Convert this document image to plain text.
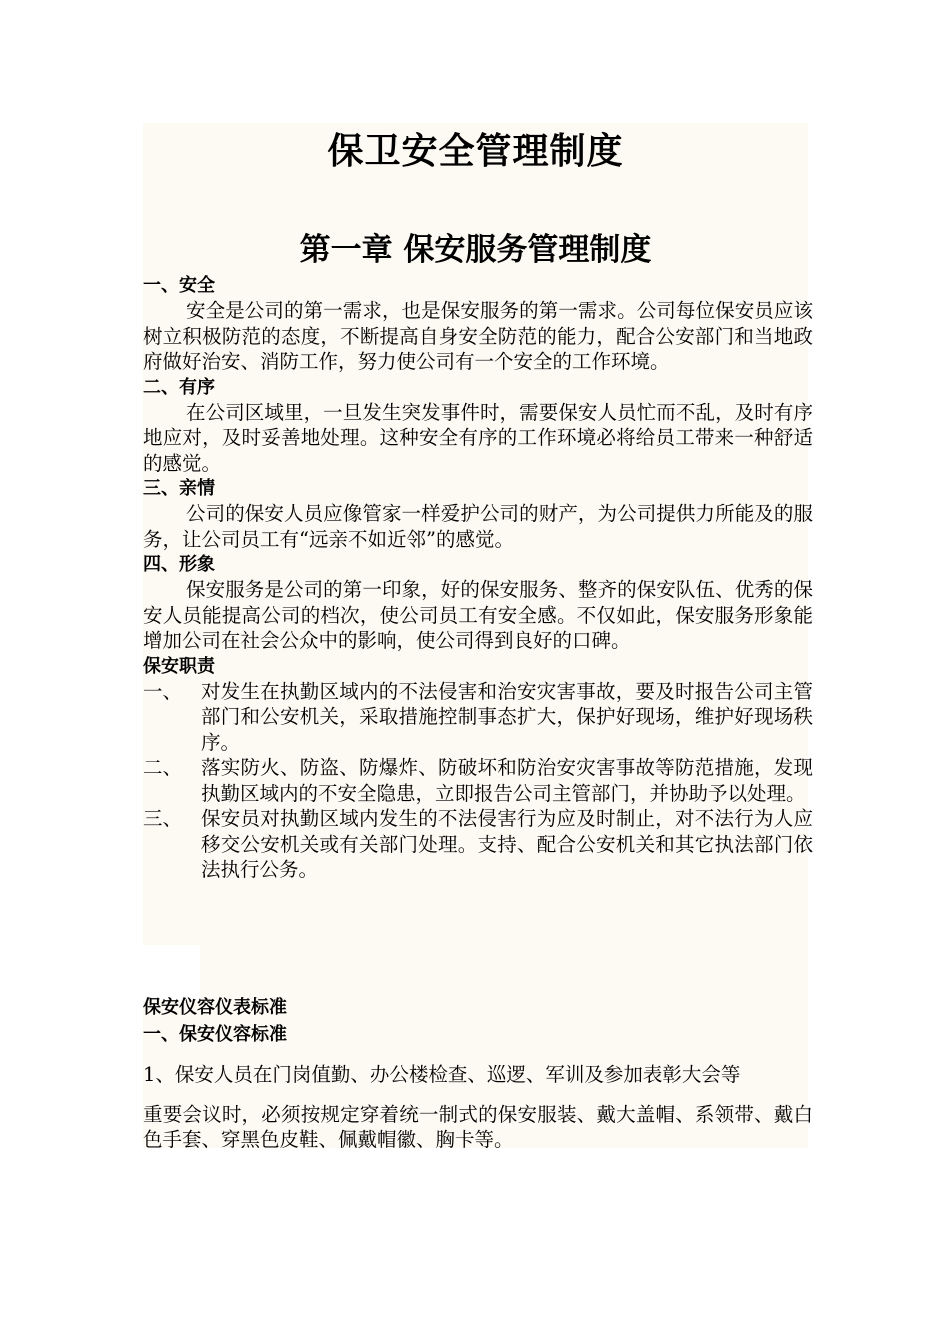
保卫安全管理制度
第一章 保安服务管理制度
一、安全

安全是公司的第一需求，也是保安服务的第一需求。公司每位保安员应该树立积极防范的态度，不断提高自身安全防范的能力，配合公安部门和当地政府做好治安、消防工作，努力使公司有一个安全的工作环境。

二、有序

在公司区域里，一旦发生突发事件时，需要保安人员忙而不乱，及时有序地应对，及时妥善地处理。这种安全有序的工作环境必将给员工带来一种舒适的感觉。

三、亲情

公司的保安人员应像管家一样爱护公司的财产，为公司提供力所能及的服务，让公司员工有“远亲不如近邻”的感觉。

四、形象

保安服务是公司的第一印象，好的保安服务、整齐的保安队伍、优秀的保安人员能提高公司的档次，使公司员工有安全感。不仅如此，保安服务形象能增加公司在社会公众中的影响，使公司得到良好的口碑。

保安职责
一、 对发生在执勤区域内的不法侵害和治安灾害事故，要及时报告公司主管部门和公安机关，采取措施控制事态扩大，保护好现场，维护好现场秩序。
二、 落实防火、防盗、防爆炸、防破坏和防治安灾害事故等防范措施，发现执勤区域内的不安全隐患，立即报告公司主管部门，并协助予以处理。
三、 保安员对执勤区域内发生的不法侵害行为应及时制止，对不法行为人应移交公安机关或有关部门处理。支持、配合公安机关和其它执法部门依法执行公务。
保安仪容仪表标准
一、保安仪容标准
1、保安人员在门岗值勤、办公楼检查、巡逻、军训及参加表彰大会等
重要会议时，必须按规定穿着统一制式的保安服装、戴大盖帽、系领带、戴白色手套、穿黑色皮鞋、佩戴帽徽、胸卡等。
